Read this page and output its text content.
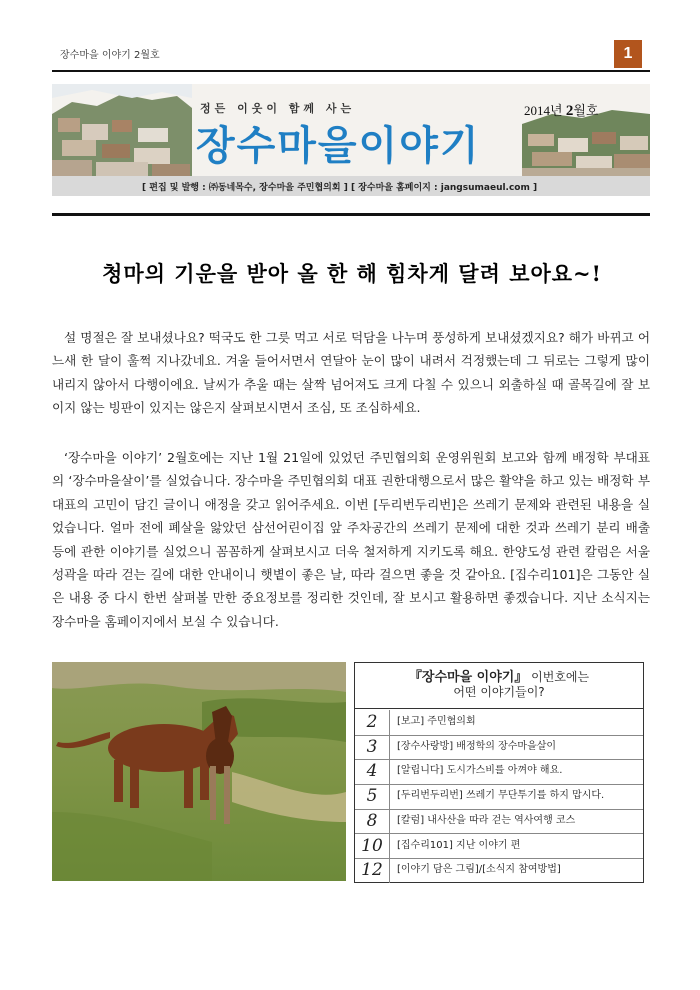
장수마을 이야기 2월호	1
정든 이웃이 함께 사는	2014년 2월호
장수마을이야기
[ 편집 및 발행 : ㈜동네목수, 장수마을 주민협의회 ] [ 장수마을 홈페이지 : jangsumaeul.com ]
청마의 기운을 받아 올 한 해 힘차게 달려 보아요~!
설 명절은 잘 보내셨나요? 떡국도 한 그릇 먹고 서로 덕담을 나누며 풍성하게 보내셨겠지요? 해가 바뀌고 어느새 한 달이 훌쩍 지나갔네요. 겨울 들어서면서 연달아 눈이 많이 내려서 걱정했는데 그 뒤로는 그렇게 많이 내리지 않아서 다행이에요. 날씨가 추울 때는 살짝 넘어져도 크게 다칠 수 있으니 외출하실 때 골목길에 잘 보이지 않는 빙판이 있지는 않은지 살펴보시면서 조심, 또 조심하세요.
‘장수마을 이야기’ 2월호에는 지난 1월 21일에 있었던 주민협의회 운영위원회 보고와 함께 배정학 부대표의 ‘장수마을살이’를 실었습니다. 장수마을 주민협의회 대표 권한대행으로서 많은 활약을 하고 있는 배정학 부대표의 고민이 담긴 글이니 애정을 갖고 읽어주세요. 이번 [두리번두리번]은 쓰레기 문제와 관련된 내용을 실었습니다. 얼마 전에 폐살을 앓았던 삼선어린이집 앞 주차공간의 쓰레기 문제에 대한 것과 쓰레기 분리 배출 등에 관한 이야기를 실었으니 꼼꼼하게 살펴보시고 더욱 철저하게 지키도록 해요. 한양도성 관련 칼럼은 서울 성곽을 따라 걷는 길에 대한 안내이니 햇볕이 좋은 날, 따라 걸으면 좋을 것 같아요. [집수리101]은 그동안 실은 내용 중 다시 한번 살펴볼 만한 중요정보를 정리한 것인데, 잘 보시고 활용하면 좋겠습니다. 지난 소식지는 장수마을 홈페이지에서 보실 수 있습니다.
『장수마을 이야기』 이번호에는
어떤 이야기들이?
2	[보고] 주민협의회
3	[장수사랑방] 배정학의 장수마을살이
4	[알립니다] 도시가스비를 아껴야 해요.
5	[두리번두리번] 쓰레기 무단투기를 하지 맙시다.
8	[칼럼] 내사산을 따라 걷는 역사여행 코스
10	[집수리101] 지난 이야기 편
12	[이야기 담은 그림]/[소식지 참여방법]
